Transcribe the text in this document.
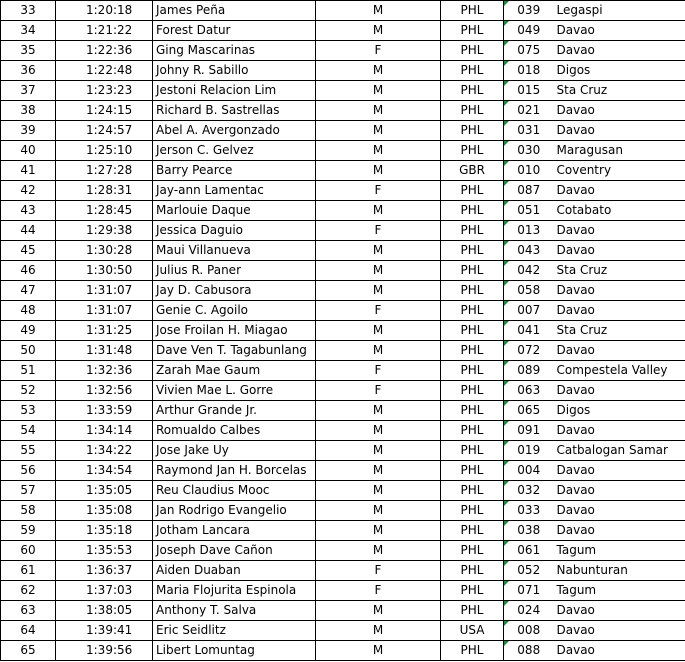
33	1:20:18	James Peña	M	PHL	039	Legaspi
34	1:21:22	Forest Datur	M	PHL	049	Davao
35	1:22:36	Ging Mascarinas	F	PHL	075	Davao
36	1:22:48	Johny R. Sabillo	M	PHL	018	Digos
37	1:23:23	Jestoni Relacion Lim	M	PHL	015	Sta Cruz
38	1:24:15	Richard B. Sastrellas	M	PHL	021	Davao
39	1:24:57	Abel A. Avergonzado	M	PHL	031	Davao
40	1:25:10	Jerson C. Gelvez	M	PHL	030	Maragusan
41	1:27:28	Barry Pearce	M	GBR	010	Coventry
42	1:28:31	Jay-ann Lamentac	F	PHL	087	Davao
43	1:28:45	Marlouie Daque	M	PHL	051	Cotabato
44	1:29:38	Jessica Daguio	F	PHL	013	Davao
45	1:30:28	Maui Villanueva	M	PHL	043	Davao
46	1:30:50	Julius R. Paner	M	PHL	042	Sta Cruz
47	1:31:07	Jay D. Cabusora	M	PHL	058	Davao
48	1:31:07	Genie C. Agoilo	F	PHL	007	Davao
49	1:31:25	Jose Froilan H. Miagao	M	PHL	041	Sta Cruz
50	1:31:48	Dave Ven T. Tagabunlang	M	PHL	072	Davao
51	1:32:36	Zarah Mae Gaum	F	PHL	089	Compestela Valley
52	1:32:56	Vivien Mae L. Gorre	F	PHL	063	Davao
53	1:33:59	Arthur Grande Jr.	M	PHL	065	Digos
54	1:34:14	Romualdo Calbes	M	PHL	091	Davao
55	1:34:22	Jose Jake Uy	M	PHL	019	Catbalogan Samar
56	1:34:54	Raymond Jan H. Borcelas	M	PHL	004	Davao
57	1:35:05	Reu Claudius Mooc	M	PHL	032	Davao
58	1:35:08	Jan Rodrigo Evangelio	M	PHL	033	Davao
59	1:35:18	Jotham Lancara	M	PHL	038	Davao
60	1:35:53	Joseph Dave Cañon	M	PHL	061	Tagum
61	1:36:37	Aiden Duaban	F	PHL	052	Nabunturan
62	1:37:03	Maria Flojurita Espinola	F	PHL	071	Tagum
63	1:38:05	Anthony T. Salva	M	PHL	024	Davao
64	1:39:41	Eric Seidlitz	M	USA	008	Davao
65	1:39:56	Libert Lomuntag	M	PHL	088	Davao
